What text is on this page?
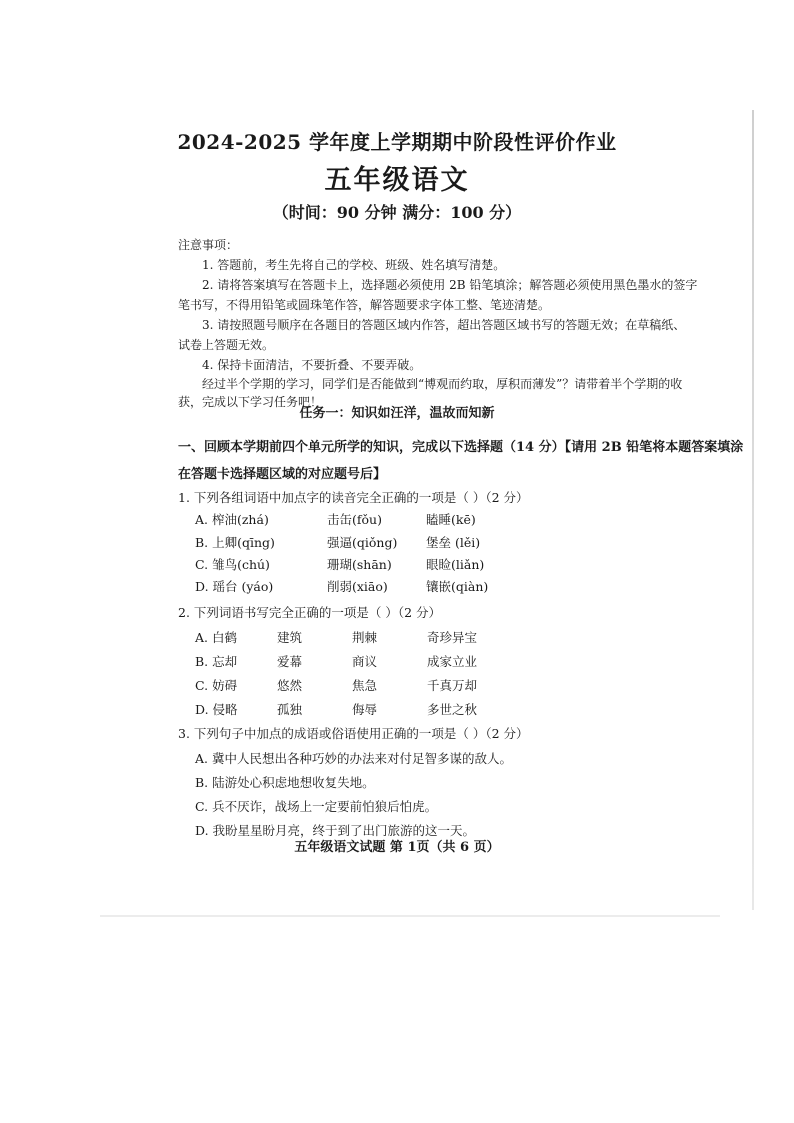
2024-2025 学年度上学期期中阶段性评价作业
五年级语文
（时间：90 分钟 满分：100 分）
注意事项：
1. 答题前，考生先将自己的学校、班级、姓名填写清楚。
2. 请将答案填写在答题卡上，选择题必须使用 2B 铅笔填涂；解答题必须使用黑色墨水的签字
笔书写，不得用铅笔或圆珠笔作答，解答题要求字体工整、笔迹清楚。
3. 请按照题号顺序在各题目的答题区域内作答，超出答题区域书写的答题无效；在草稿纸、
试卷上答题无效。
4. 保持卡面清洁，不要折叠、不要弄破。
经过半个学期的学习，同学们是否能做到“博观而约取，厚积而薄发”？请带着半个学期的收
获，完成以下学习任务吧！
任务一：知识如汪洋，温故而知新
一、回顾本学期前四个单元所学的知识，完成以下选择题（14 分）【请用 2B 铅笔将本题答案填涂
在答题卡选择题区域的对应题号后】
1. 下列各组词语中加点字的读音完全正确的一项是（ ）（2 分）
A. 榨油(zhá)	击缶(fǒu)	瞌睡(kē)
B. 上卿(qīng)	强逼(qiǒng) 堡垒 (lěi)
C. 雏鸟(chú)	珊瑚(shān)	眼睑(liǎn)
D. 瑶台 (yáo)	削弱(xiāo)	镶嵌(qiàn)
2. 下列词语书写完全正确的一项是（ ）（2 分）
A. 白鹤	建筑	荆棘	奇珍异宝
B. 忘却	爱幕	商议	成家立业
C. 妨碍	悠然	焦急	千真万却
D. 侵略	孤独	侮辱	多世之秋
3. 下列句子中加点的成语或俗语使用正确的一项是（ ）（2 分）
A. 冀中人民想出各种巧妙的办法来对付足智多谋的敌人。
B. 陆游处心积虑地想收复失地。
C. 兵不厌诈，战场上一定要前怕狼后怕虎。
D. 我盼星星盼月亮，终于到了出门旅游的这一天。
五年级语文试题 第 1页（共 6 页）
